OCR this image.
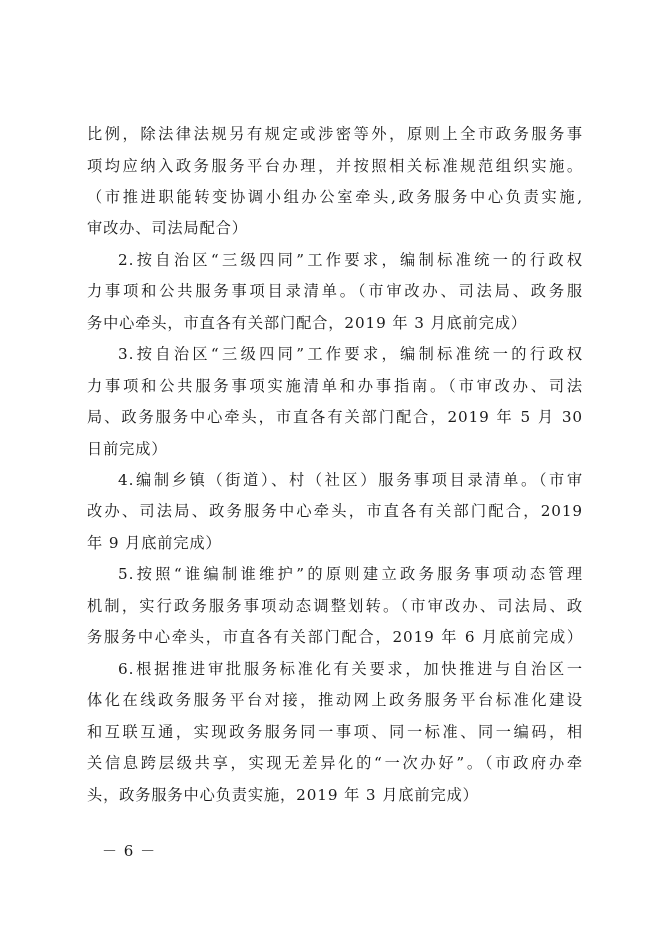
比例，除法律法规另有规定或涉密等外，原则上全市政务服务事
项均应纳入政务服务平台办理，并按照相关标准规范组织实施。
（市推进职能转变协调小组办公室牵头,政务服务中心负责实施,
审改办、司法局配合）
2.按自治区“三级四同”工作要求，编制标准统一的行政权
力事项和公共服务事项目录清单。（市审改办、司法局、政务服
务中心牵头，市直各有关部门配合，2019 年 3 月底前完成）
3.按自治区“三级四同”工作要求，编制标准统一的行政权
力事项和公共服务事项实施清单和办事指南。（市审改办、司法
局、政务服务中心牵头，市直各有关部门配合，2019 年 5 月 30
日前完成）
4.编制乡镇（街道）、村（社区）服务事项目录清单。（市审
改办、司法局、政务服务中心牵头，市直各有关部门配合，2019
年 9 月底前完成）
5.按照“谁编制谁维护”的原则建立政务服务事项动态管理
机制，实行政务服务事项动态调整划转。（市审改办、司法局、政
务服务中心牵头，市直各有关部门配合，2019 年 6 月底前完成）
6.根据推进审批服务标准化有关要求，加快推进与自治区一
体化在线政务服务平台对接，推动网上政务服务平台标准化建设
和互联互通，实现政务服务同一事项、同一标准、同一编码，相
关信息跨层级共享，实现无差异化的“一次办好”。（市政府办牵
头，政务服务中心负责实施，2019 年 3 月底前完成）
－ 6 －
